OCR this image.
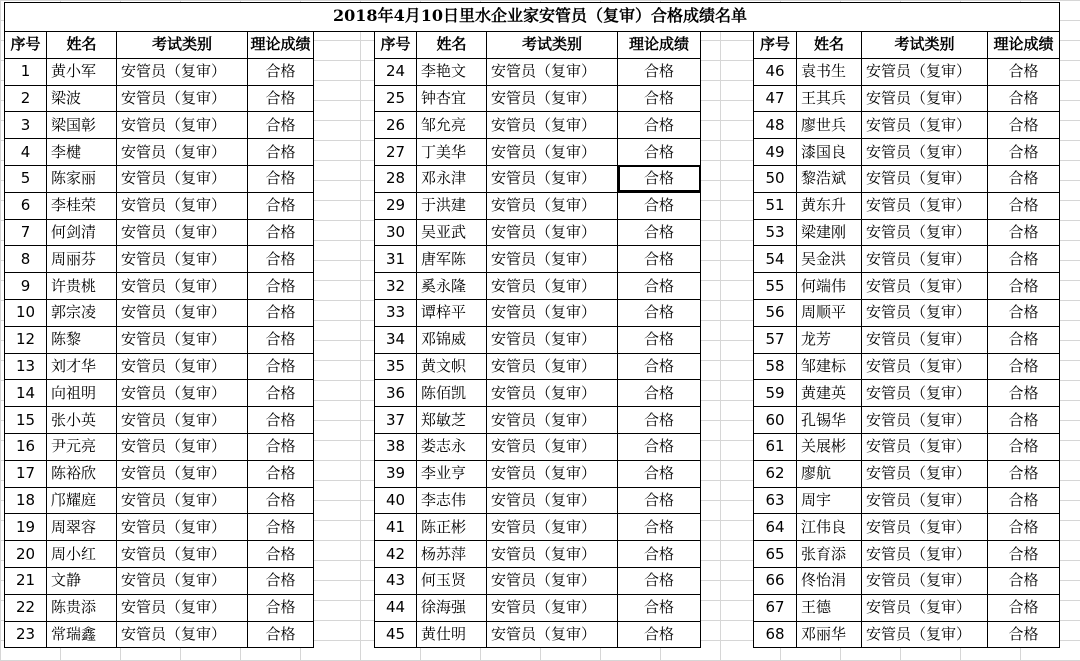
2018年4月10日里水企业家安管员（复审）合格成绩名单
序号	姓名	考试类别	理论成绩
1	黄小军	安管员（复审）	合格
2	梁波	安管员（复审）	合格
3	梁国彰	安管员（复审）	合格
4	李楗	安管员（复审）	合格
5	陈家丽	安管员（复审）	合格
6	李桂荣	安管员（复审）	合格
7	何剑清	安管员（复审）	合格
8	周丽芬	安管员（复审）	合格
9	许贵桃	安管员（复审）	合格
10	郭宗凌	安管员（复审）	合格
12	陈黎	安管员（复审）	合格
13	刘才华	安管员（复审）	合格
14	向祖明	安管员（复审）	合格
15	张小英	安管员（复审）	合格
16	尹元亮	安管员（复审）	合格
17	陈裕欣	安管员（复审）	合格
18	邝耀庭	安管员（复审）	合格
19	周翠容	安管员（复审）	合格
20	周小红	安管员（复审）	合格
21	文静	安管员（复审）	合格
22	陈贵添	安管员（复审）	合格
23	常瑞鑫	安管员（复审）	合格
序号	姓名	考试类别	理论成绩
24	李艳文	安管员（复审）	合格
25	钟杏宜	安管员（复审）	合格
26	邹允亮	安管员（复审）	合格
27	丁美华	安管员（复审）	合格
28	邓永津	安管员（复审）	合格
29	于洪建	安管员（复审）	合格
30	吴亚武	安管员（复审）	合格
31	唐军陈	安管员（复审）	合格
32	奚永隆	安管员（复审）	合格
33	谭梓平	安管员（复审）	合格
34	邓锦威	安管员（复审）	合格
35	黄文帜	安管员（复审）	合格
36	陈佰凯	安管员（复审）	合格
37	郑敏芝	安管员（复审）	合格
38	娄志永	安管员（复审）	合格
39	李业亨	安管员（复审）	合格
40	李志伟	安管员（复审）	合格
41	陈正彬	安管员（复审）	合格
42	杨苏萍	安管员（复审）	合格
43	何玉贤	安管员（复审）	合格
44	徐海强	安管员（复审）	合格
45	黄仕明	安管员（复审）	合格
序号	姓名	考试类别	理论成绩
46	袁书生	安管员（复审）	合格
47	王其兵	安管员（复审）	合格
48	廖世兵	安管员（复审）	合格
49	漆国良	安管员（复审）	合格
50	黎浩斌	安管员（复审）	合格
51	黄东升	安管员（复审）	合格
53	梁建刚	安管员（复审）	合格
54	吴金洪	安管员（复审）	合格
55	何端伟	安管员（复审）	合格
56	周顺平	安管员（复审）	合格
57	龙芳	安管员（复审）	合格
58	邹建标	安管员（复审）	合格
59	黄建英	安管员（复审）	合格
60	孔锡华	安管员（复审）	合格
61	关展彬	安管员（复审）	合格
62	廖航	安管员（复审）	合格
63	周宇	安管员（复审）	合格
64	江伟良	安管员（复审）	合格
65	张育添	安管员（复审）	合格
66	佟怡涓	安管员（复审）	合格
67	王德	安管员（复审）	合格
68	邓丽华	安管员（复审）	合格
